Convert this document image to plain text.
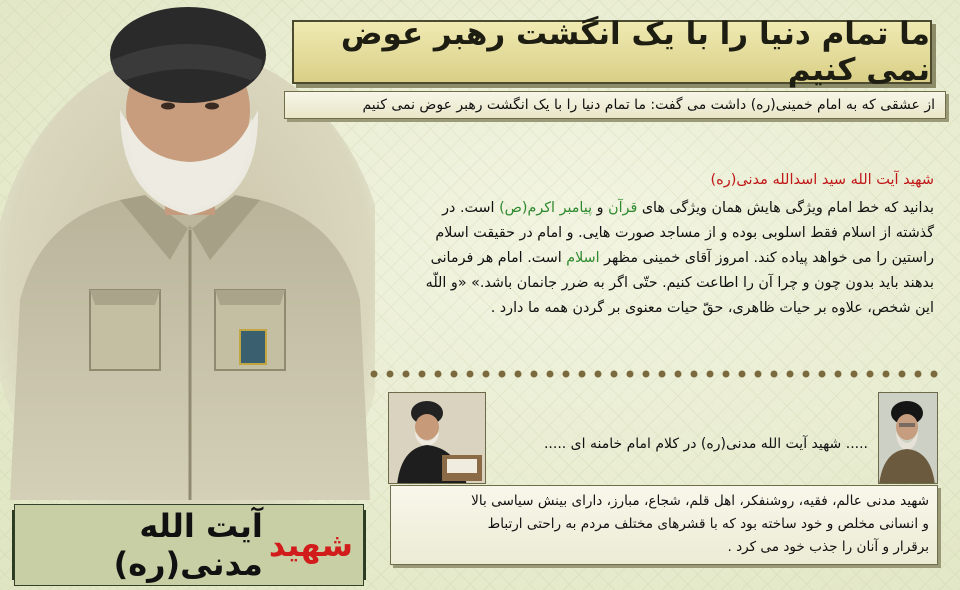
ما تمام دنیا را با یک انگشت رهبر عوض نمی کنیم
از عشقی که به امام خمینی(ره) داشت می گفت: ما تمام دنیا را با یک انگشت رهبر عوض نمی کنیم
شهید آیت الله سید اسدالله مدنی(ره)
بدانید که خط امام ویژگی هایش همان ویژگی های قرآن و پیامبر اکرم(ص) است. در
گذشته از اسلام فقط اسلوبی بوده و از مساجد صورت هایی. و امام در حقیقت اسلام
راستین را می خواهد پیاده کند. امروز آقای خمینی مظهر اسلام است. امام هر فرمانی
بدهند باید بدون چون و چرا آن را اطاعت کنیم. حتّی اگر به ضرر جانمان باشد.» «و اللّه
این شخص، علاوه بر حیات ظاهری، حقّ حیات معنوی بر گردن همه ما دارد .
..... شهید آیت الله مدنی(ره) در کلام امام خامنه ای .....
شهید مدنی عالم، فقیه، روشنفکر، اهل قلم، شجاع، مبارز، دارای بینش سیاسی بالا
و انسانی مخلص و خود ساخته بود که با قشرهای مختلف مردم به راحتی ارتباط
برقرار و آنان را جذب خود می کرد .
شهید
آیت الله مدنی(ره)
